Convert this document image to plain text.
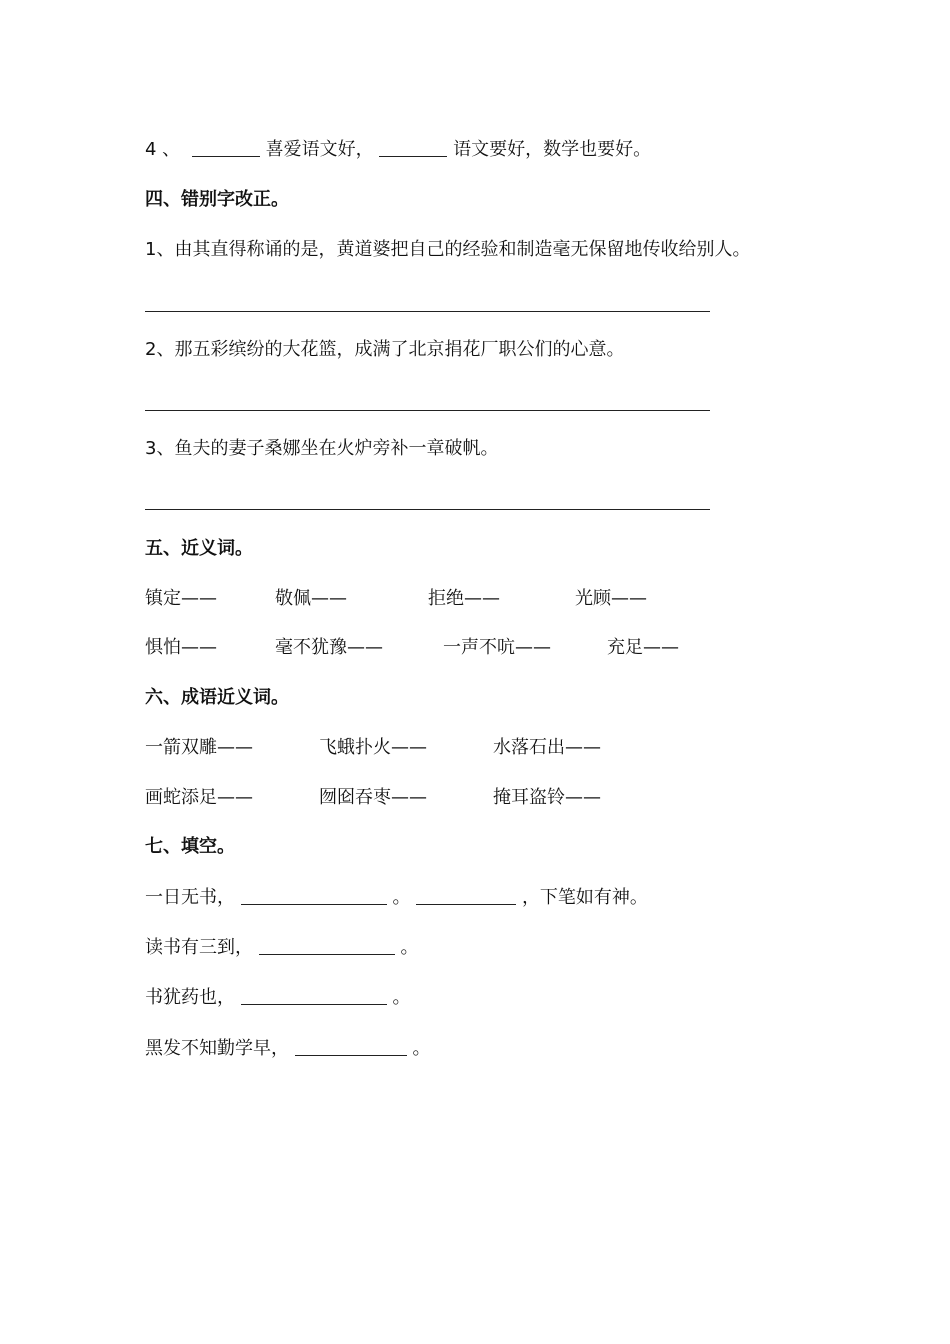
4 、	喜爱语文好，	语文要好，数学也要好。
四、错别字改正。
1、由其直得称诵的是，黄道婆把自己的经验和制造毫无保留地传收给别人。
2、那五彩缤纷的大花篮，成满了北京捐花厂职公们的心意。
3、鱼夫的妻子桑娜坐在火炉旁补一章破帆。
五、近义词。
镇定——	敬佩——	拒绝——	光顾——
惧怕——	毫不犹豫——	一声不吭——	充足——
六、成语近义词。
一箭双雕——	飞蛾扑火——	水落石出——
画蛇添足——	囫囵吞枣——	掩耳盗铃——
七、填空。
一日无书，	。	，下笔如有神。
读书有三到，	。
书犹药也，	。
黑发不知勤学早，	。
